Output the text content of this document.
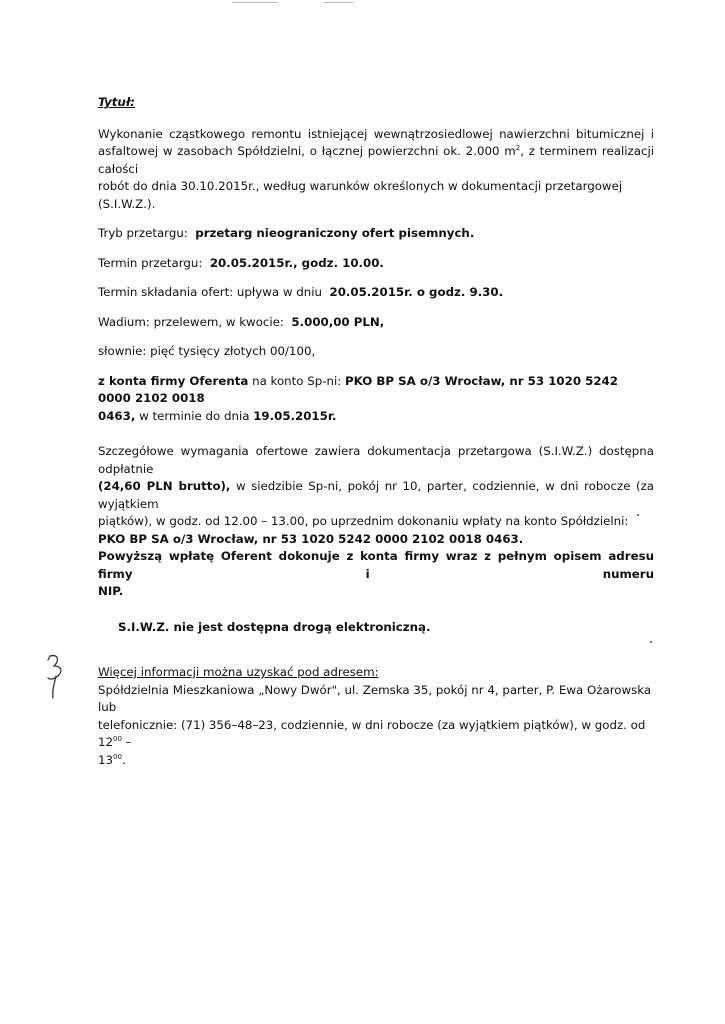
Tytuł:
Wykonanie cząstkowego remontu istniejącej wewnątrzosiedlowej nawierzchni bitumicznej i
asfaltowej w zasobach Spółdzielni, o łącznej powierzchni ok. 2.000 $m^2$, z terminem realizacji całości
robót do dnia 30.10.2015r., według warunków określonych w dokumentacji przetargowej (S.I.W.Z.).
Tryb przetargu: przetarg nieograniczony ofert pisemnych.
Termin przetargu: 20.05.2015r., godz. 10.00.
Termin składania ofert: upływa w dniu 20.05.2015r. o godz. 9.30.
Wadium: przelewem, w kwocie: 5.000,00 PLN,
słownie: pięć tysięcy złotych 00/100,
z konta firmy Oferenta na konto Sp-ni: PKO BP SA o/3 Wrocław, nr 53 1020 5242 0000 2102 0018
0463, w terminie do dnia 19.05.2015r.
Szczegółowe wymagania ofertowe zawiera dokumentacja przetargowa (S.I.W.Z.) dostępna odpłatnie
(24,60 PLN brutto), w siedzibie Sp-ni, pokój nr 10, parter, codziennie, w dni robocze (za wyjątkiem
piątków), w godz. od 12.00 – 13.00, po uprzednim dokonaniu wpłaty na konto Spółdzielni:
PKO BP SA o/3 Wrocław, nr 53 1020 5242 0000 2102 0018 0463.
Powyższą wpłatę Oferent dokonuje z konta firmy wraz z pełnym opisem adresu firmy i numeru
NIP.
S.I.W.Z. nie jest dostępna drogą elektroniczną.
Więcej informacji można uzyskać pod adresem:
Spółdzielnia Mieszkaniowa „Nowy Dwór", ul. Zemska 35, pokój nr 4, parter, P. Ewa Ożarowska lub
telefonicznie: (71) 356–48–23, codziennie, w dni robocze (za wyjątkiem piątków), w godz. od $12^{00}$ –
$13^{00}$.
